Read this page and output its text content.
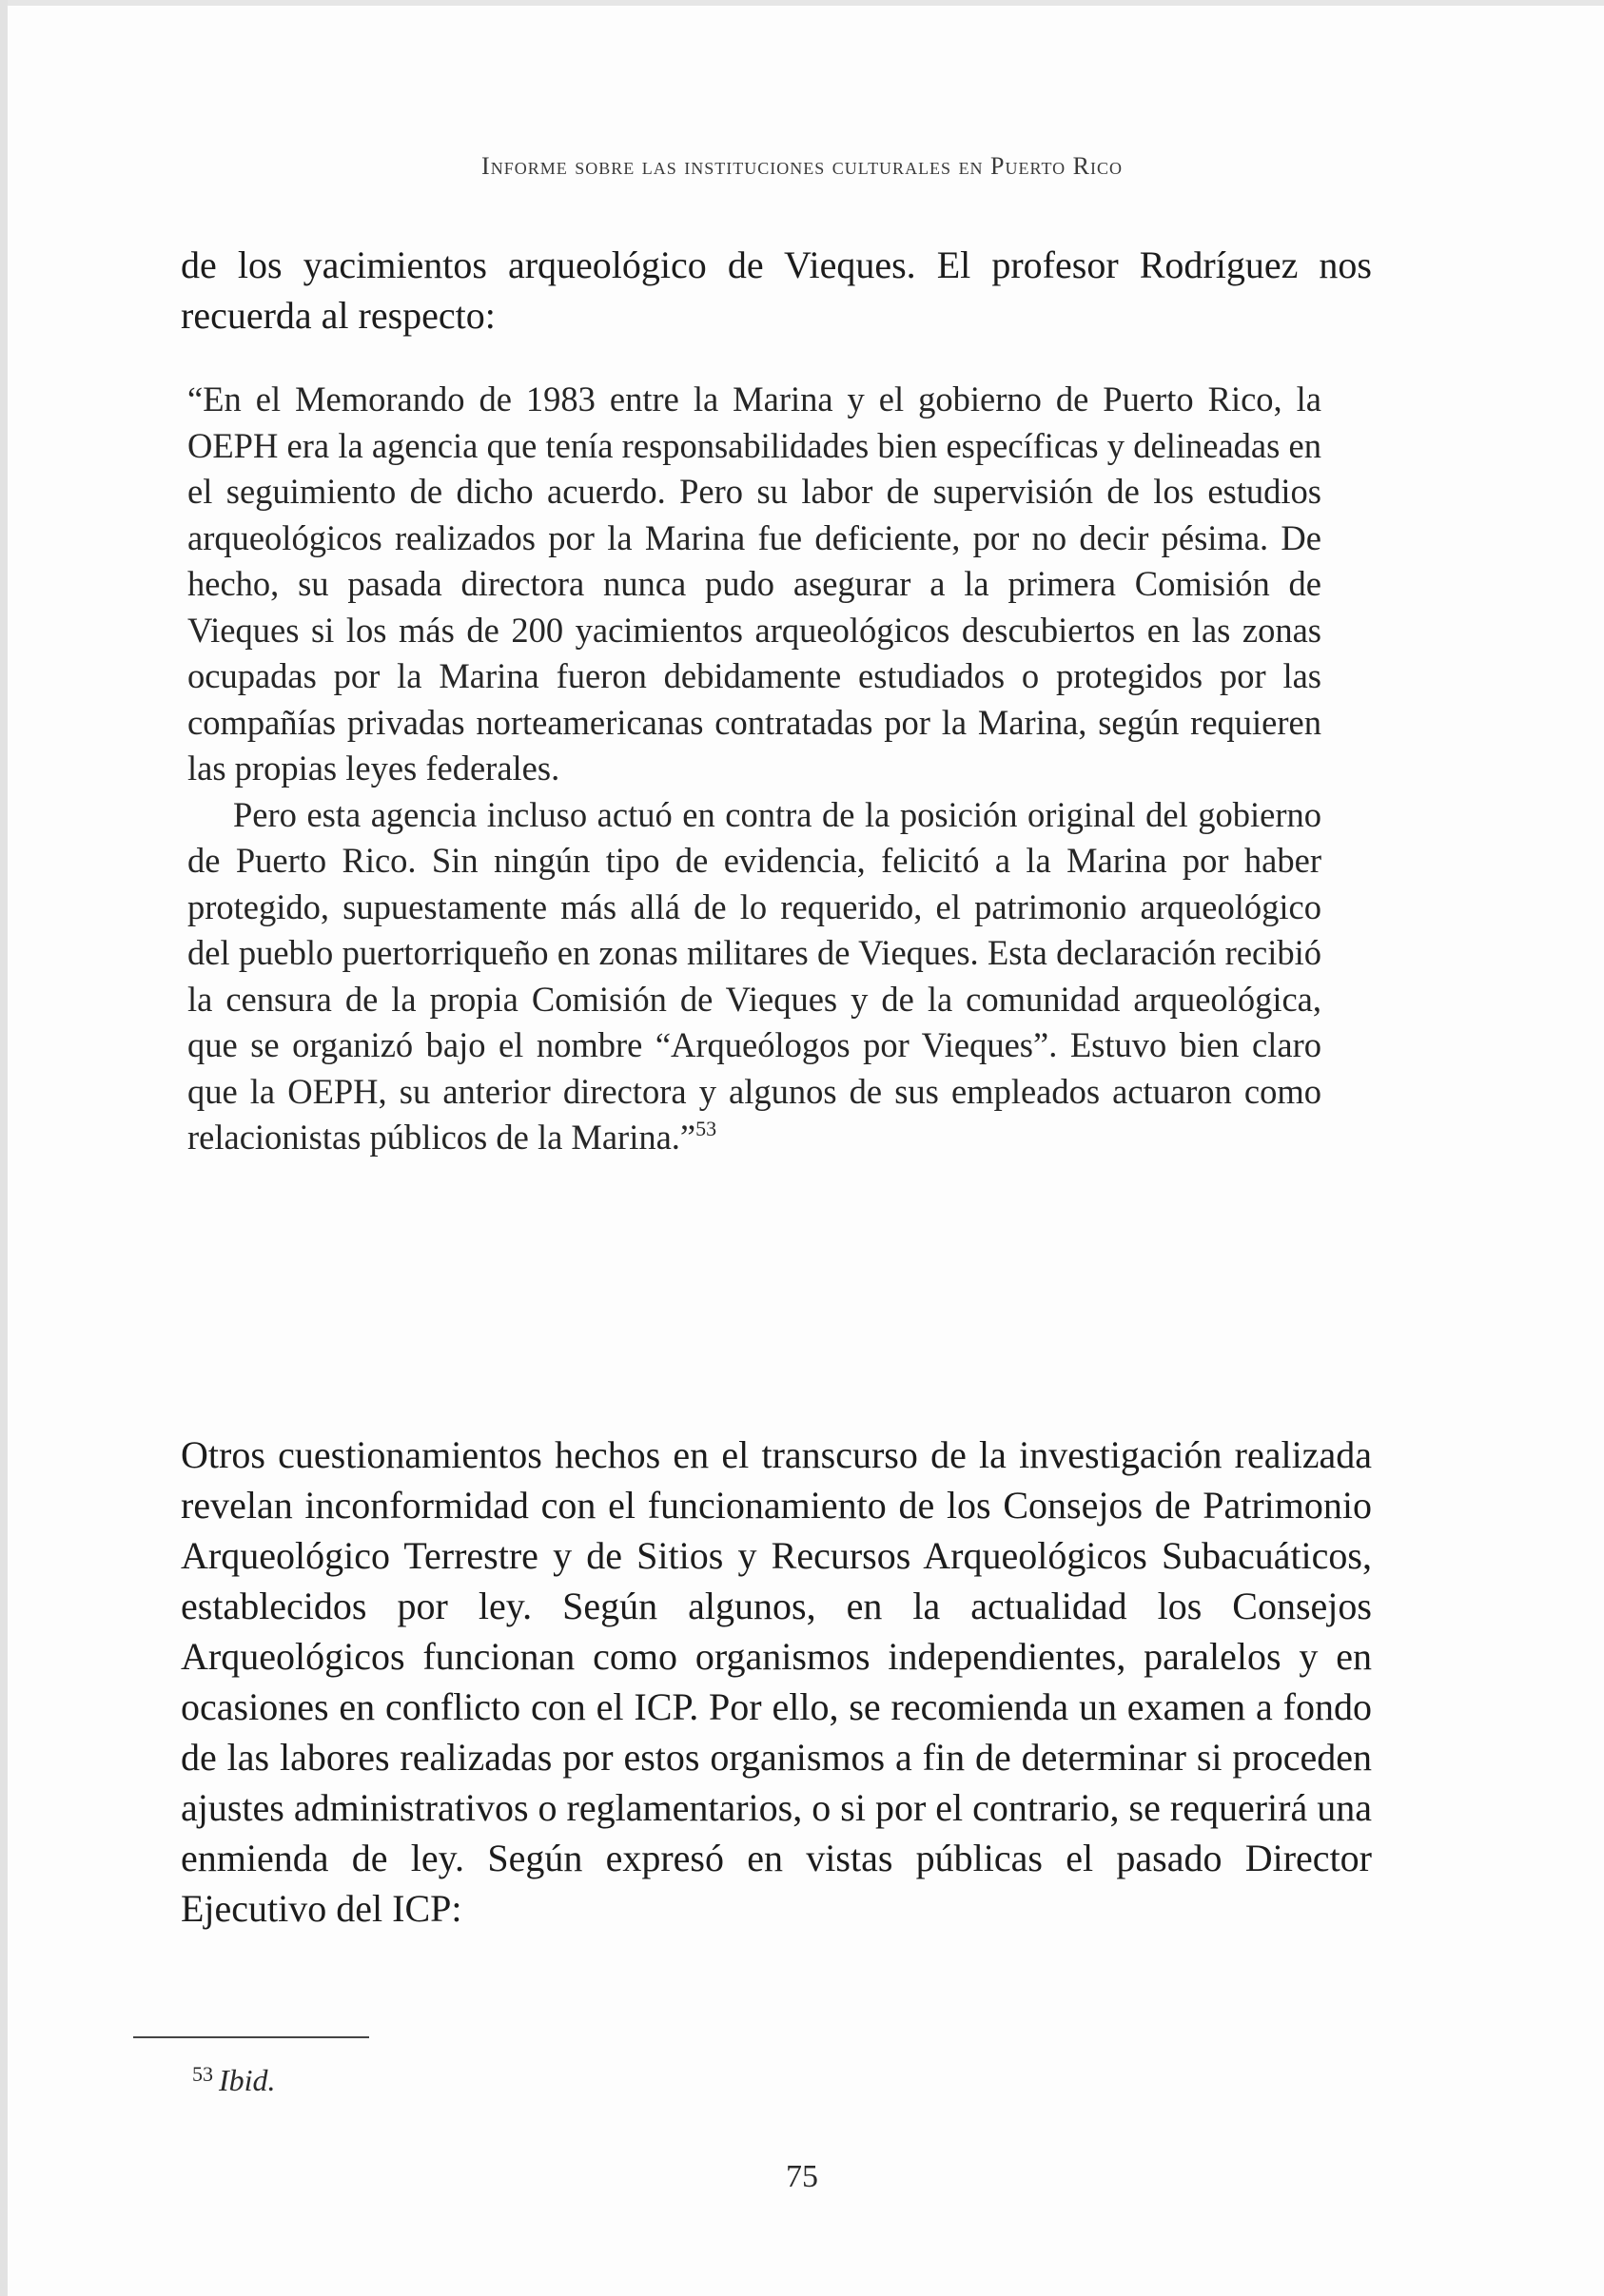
Informe sobre las instituciones culturales en Puerto Rico

de los yacimientos arqueológico de Vieques. El profesor Rodríguez nos recuerda al respecto:

“En el Memorando de 1983 entre la Marina y el gobierno de Puerto Rico, la OEPH era la agencia que tenía responsabilidades bien específicas y delineadas en el seguimiento de dicho acuerdo. Pero su labor de supervisión de los estudios arqueológicos realizados por la Marina fue deficiente, por no decir pésima. De hecho, su pasada directora nunca pudo asegurar a la primera Comisión de Vieques si los más de 200 yacimientos arqueológicos descubiertos en las zonas ocupadas por la Marina fueron debidamente estudiados o protegidos por las compañías privadas norteamericanas contratadas por la Marina, según requieren las propias leyes federales.

Pero esta agencia incluso actuó en contra de la posición original del gobierno de Puerto Rico. Sin ningún tipo de evidencia, felicitó a la Marina por haber protegido, supuestamente más allá de lo requerido, el patrimonio arqueológico del pueblo puertorriqueño en zonas militares de Vieques. Esta declaración recibió la censura de la propia Comisión de Vieques y de la comunidad arqueológica, que se organizó bajo el nombre “Arqueólogos por Vieques”. Estuvo bien claro que la OEPH, su anterior directora y algunos de sus empleados actuaron como relacionistas públicos de la Marina.”$^{53}$

Otros cuestionamientos hechos en el transcurso de la investigación realizada revelan inconformidad con el funcionamiento de los Consejos de Patrimonio Arqueológico Terrestre y de Sitios y Recursos Arqueológicos Subacuáticos, establecidos por ley. Según algunos, en la actualidad los Consejos Arqueológicos funcionan como organismos independientes, paralelos y en ocasiones en conflicto con el ICP. Por ello, se recomienda un examen a fondo de las labores realizadas por estos organismos a fin de determinar si proceden ajustes administrativos o reglamentarios, o si por el contrario, se requerirá una enmienda de ley. Según expresó en vistas públicas el pasado Director Ejecutivo del ICP:

$^{53}$ Ibid.
75
